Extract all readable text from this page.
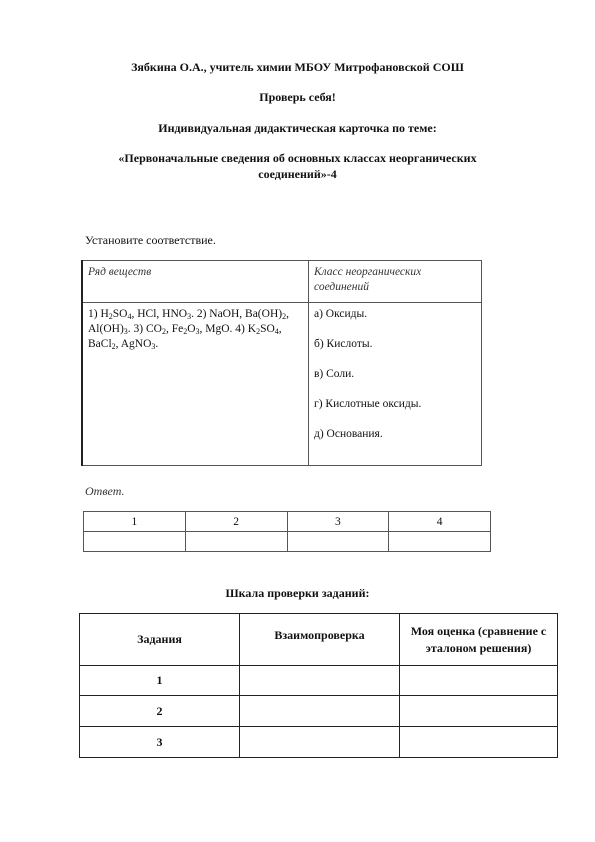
Зябкина О.А., учитель химии МБОУ Митрофановской СОШ
Проверь себя!
Индивидуальная дидактическая карточка по теме:
«Первоначальные сведения об основных классах неорганических
соединений»-4
Установите соответствие.
Ряд веществ	Класс неорганических соединений
1) $H_2SO_4$, HCl, $HNO_3$. 2) NaOH, $Ba(OH)_2$, $Al(OH)_3$. 3) $CO_2$, $Fe_2O_3$, MgO. 4) $K_2SO_4$, BaCl$_2$, AgNO$_3$.	а) Оксиды.
б) Кислоты.
в) Соли.
г) Кислотные оксиды.
д) Основания.
Ответ.
1	2	3	4

Шкала проверки заданий:
Задания	Взаимопроверка	Моя оценка (сравнение с эталоном решения)
1		
2		
3		
